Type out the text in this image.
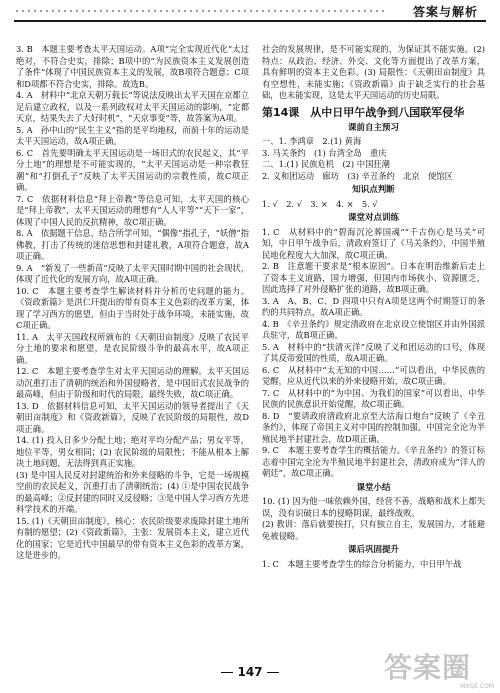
答案与解析

3. B　本题主要考查太平天国运动。A项“完全实现近代化”太过绝对，不符合史实，排除；B项中的“为民族资本主义发展创造了条件”体现了中国民族资本主义的发展，故B项符合题意；C项和D项都不符合史实，排除。故选B。

4. A　材料中“北京天朝万载长”等说法反映出太平天国在京都立足后建立政权，以及一系列政权对太平天国运动的影响，“定都天京，结果失去了大好时机”，“天京事变”等，故答案为A项。

5. A　孙中山的“民生主义”指的是平均地权，而前十年的运动是太平天国运动，故A项正确。

6. C　首先要明确太平天国运动是一场旧式的农民起义，其“平分土地”的理想是不可能实现的，“太平天国运动是一种宗教狂潮”和“打倒孔子”反映了太平天国运动的宗教性质，故C项正确。

7. C　依据材料信息“拜上帝教”等信息可知，太平天国的核心是“拜上帝教”，太平天国运动的理想有“人人平等”“天下一家”，体现了中国人民的反抗精神，故C项正确。

8. A　依据题干信息，结合所学可知，“偶像”指孔子，“妖僧”指佛教，打击了传统的迷信思想和封建礼教，A项符合题意，故A项正确。

9. A　“新发了一些新苗”反映了太平天国时期中国的社会现状，体现了近代化的发展方向，故A项正确。

10. C　本题主要考查学生解读材料并分析历史问题的能力。《资政新篇》是洪仁玕提出的带有资本主义色彩的改革方案，体现了学习西方的愿望，但由于当时处于战争环境，未能实施，故C项正确。

11. A　太平天国政权所颁布的《天朝田亩制度》反映了农民平分土地的要求和愿望，是农民阶级斗争的最高水平，故A项正确。

12. C　本题主要考查学生对太平天国运动的理解。太平天国运动沉重打击了清朝的统治和外国侵略者，是中国旧式农民战争的最高峰，但由于阶级和时代的局限，最终失败，故C项正确。

13. D　依据材料信息可知，太平天国运动的领导者提出了《天朝田亩制度》和《资政新篇》，反映了农民阶级的局限性，故D项正确。

14. (1) 投入日多少分配土地；绝对平均分配产品；男女平等，地位平等，男女相同；(2) 农民阶级的局限性；不能从根本上解决土地问题，无法得到真正实施。

(3) 是中国人民反对封建统治和外来侵略的斗争，它是一场规模空前的农民起义，沉重打击了清朝统治；(4) ①是中国农民战争的最高峰；②反封建的同时又反侵略；③是中国人学习西方先进科学技术的开端。

15. (1)《天朝田亩制度》，核心：农民阶级要求废除封建土地所有制的愿望；(2)《资政新篇》，主张：发展资本主义，建立近代化的国家；它是近代中国最早的带有资本主义色彩的改革方案，这是进步的。

社会的发展规律，是不可能实现的，为保证其不能实施。(2) 特点：从政治、经济、外交、文化等方面提出了改革方案，具有鲜明的资本主义色彩。(3) 局限性：《天朝田亩制度》具有空想性，未能实施；《资政新篇》由于缺乏实行的社会基础，也未能实现，这是太平天国运动的历史局限。

第14课　从中日甲午战争到八国联军侵华
课前自主预习

一、1. 李鸿章　2.(1) 黄海

3. 马关条约　(1) 台湾全岛　重庆

二、1.(1) 民族危机　(2) 中国狂潮

2. 义和团运动　廊坊　(3) 辛丑条约　北京　使馆区

知识点判断

1. √　2. √　3. ×　4. ×　5. √

课堂对点训练

1. C　从材料中的“碧海沉沦葬国魂”“千古伤心是马关”可知，中日甲午战争后，清政府签订了《马关条约》，中国半殖民地化程度大大加深，故C项正确。

2. B　注意题干要求是“根本原因”。日本在明治维新后走上了资本主义道路，国力增强，但国内市场狭小、资源匮乏，因此选择了对外侵略扩张的道路，故B项正确。

3. A　A、B、C、D 四项中只有A项是这两个时期签订的条约的共同特点，故A项正确。

4. B　《辛丑条约》规定清政府在北京设立使馆区并由外国派兵驻守，故B项正确。

5. A　材料中的“扶清灭洋”反映了义和团运动的口号，体现了其反帝爱国的性质，故A项正确。

6. C　从材料中“太无知的中国……”可以看出，中华民族的觉醒，应从近代以来的外来侵略开始，故C项正确。

7. C　从材料中的“为中国、为我们的国家”可以看出，中华民族的民族意识开始觉醒，故C项正确。

8. D　“要请政府清政府北京至大沽海口炮台”反映了《辛丑条约》，体现了帝国主义对中国的控制加强，中国完全沦为半殖民地半封建社会，故D项正确。

9. C　本题主要考查学生的概括能力。《辛丑条约》的签订标志着中国完全沦为半殖民地半封建社会，清政府成为“洋人的朝廷”，故C项正确。

课堂小结

10. (1) 因为他一味依赖外国，经营不善，战略和战术上都失误，没有识破日本的侵略阴谋，最终战败。

(2) 教训：落后就要挨打，只有独立自主，发展国力，才能避免被侵略。

课后巩固提升

1. C　本题主要考查学生的综合分析能力，中日甲午战

147	答案圈
MXQE.COM
